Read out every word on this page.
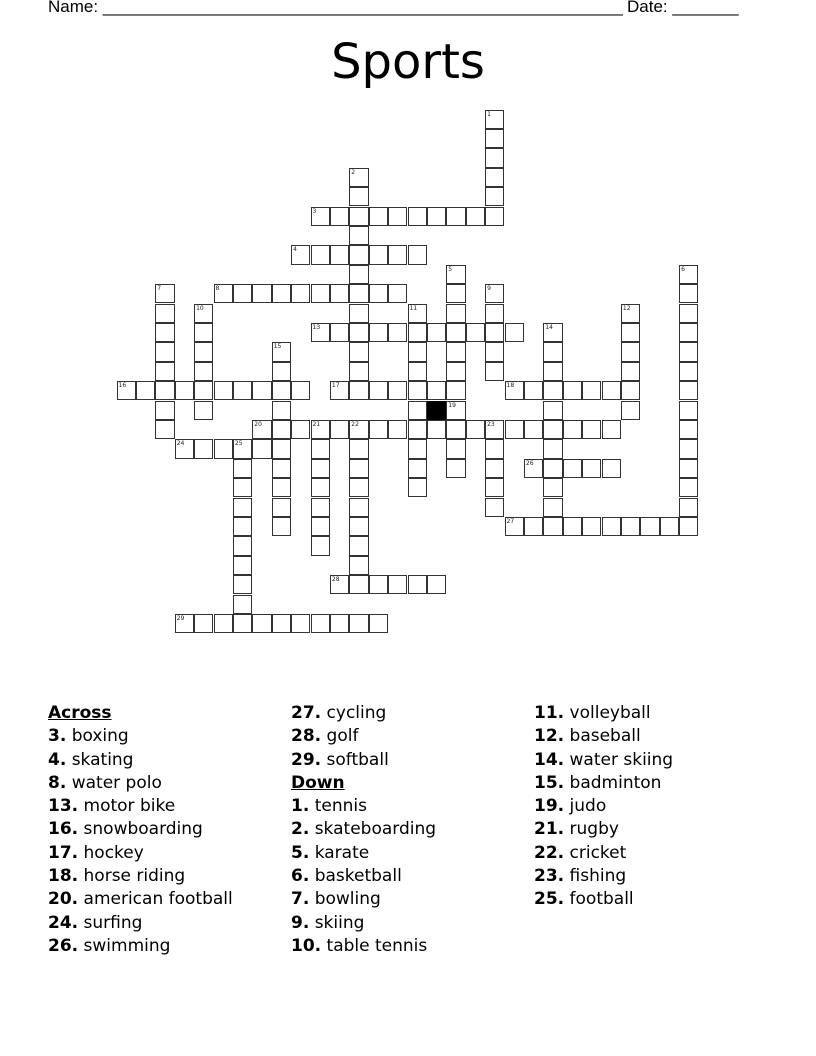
Name: _______________________________________________________ Date: _______
Sports
3
4
8
13
16	17	18
20	21	22	23
24	25
26
27
28
29
1
2
5	6
7	9
10	11	12
14
15
19
Across
3. boxing
4. skating
8. water polo
13. motor bike
16. snowboarding
17. hockey
18. horse riding
20. american football
24. surfing
26. swimming
27. cycling
28. golf
29. softball
Down
1. tennis
2. skateboarding
5. karate
6. basketball
7. bowling
9. skiing
10. table tennis
11. volleyball
12. baseball
14. water skiing
15. badminton
19. judo
21. rugby
22. cricket
23. fishing
25. football
